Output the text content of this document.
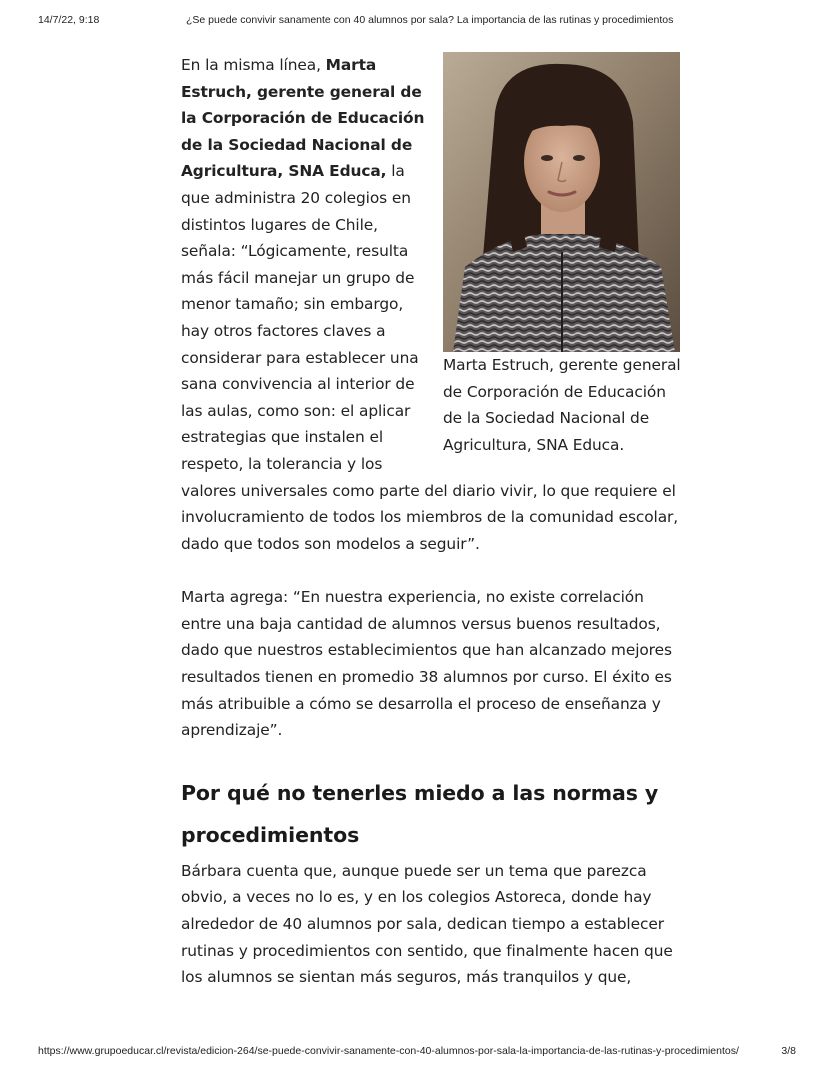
14/7/22, 9:18	¿Se puede convivir sanamente con 40 alumnos por sala? La importancia de las rutinas y procedimientos

Marta Estruch, gerente general de Corporación de Educación de la Sociedad Nacional de Agricultura, SNA Educa.

En la misma línea, Marta Estruch, gerente general de la Corporación de Educación de la Sociedad Nacional de Agricultura, SNA Educa, la que administra 20 colegios en distintos lugares de Chile, señala: “Lógicamente, resulta más fácil manejar un grupo de menor tamaño; sin embargo, hay otros factores claves a considerar para establecer una sana convivencia al interior de las aulas, como son: el aplicar estrategias que instalen el respeto, la tolerancia y los valores universales como parte del diario vivir, lo que requiere el involucramiento de todos los miembros de la comunidad escolar, dado que todos son modelos a seguir”.

Marta agrega: “En nuestra experiencia, no existe correlación entre una baja cantidad de alumnos versus buenos resultados, dado que nuestros establecimientos que han alcanzado mejores resultados tienen en promedio 38 alumnos por curso. El éxito es más atribuible a cómo se desarrolla el proceso de enseñanza y aprendizaje”.

Por qué no tenerles miedo a las normas y procedimientos

Bárbara cuenta que, aunque puede ser un tema que parezca obvio, a veces no lo es, y en los colegios Astoreca, donde hay alrededor de 40 alumnos por sala, dedican tiempo a establecer rutinas y procedimientos con sentido, que finalmente hacen que los alumnos se sientan más seguros, más tranquilos y que,

https://www.grupoeducar.cl/revista/edicion-264/se-puede-convivir-sanamente-con-40-alumnos-por-sala-la-importancia-de-las-rutinas-y-procedimientos/	3/8
